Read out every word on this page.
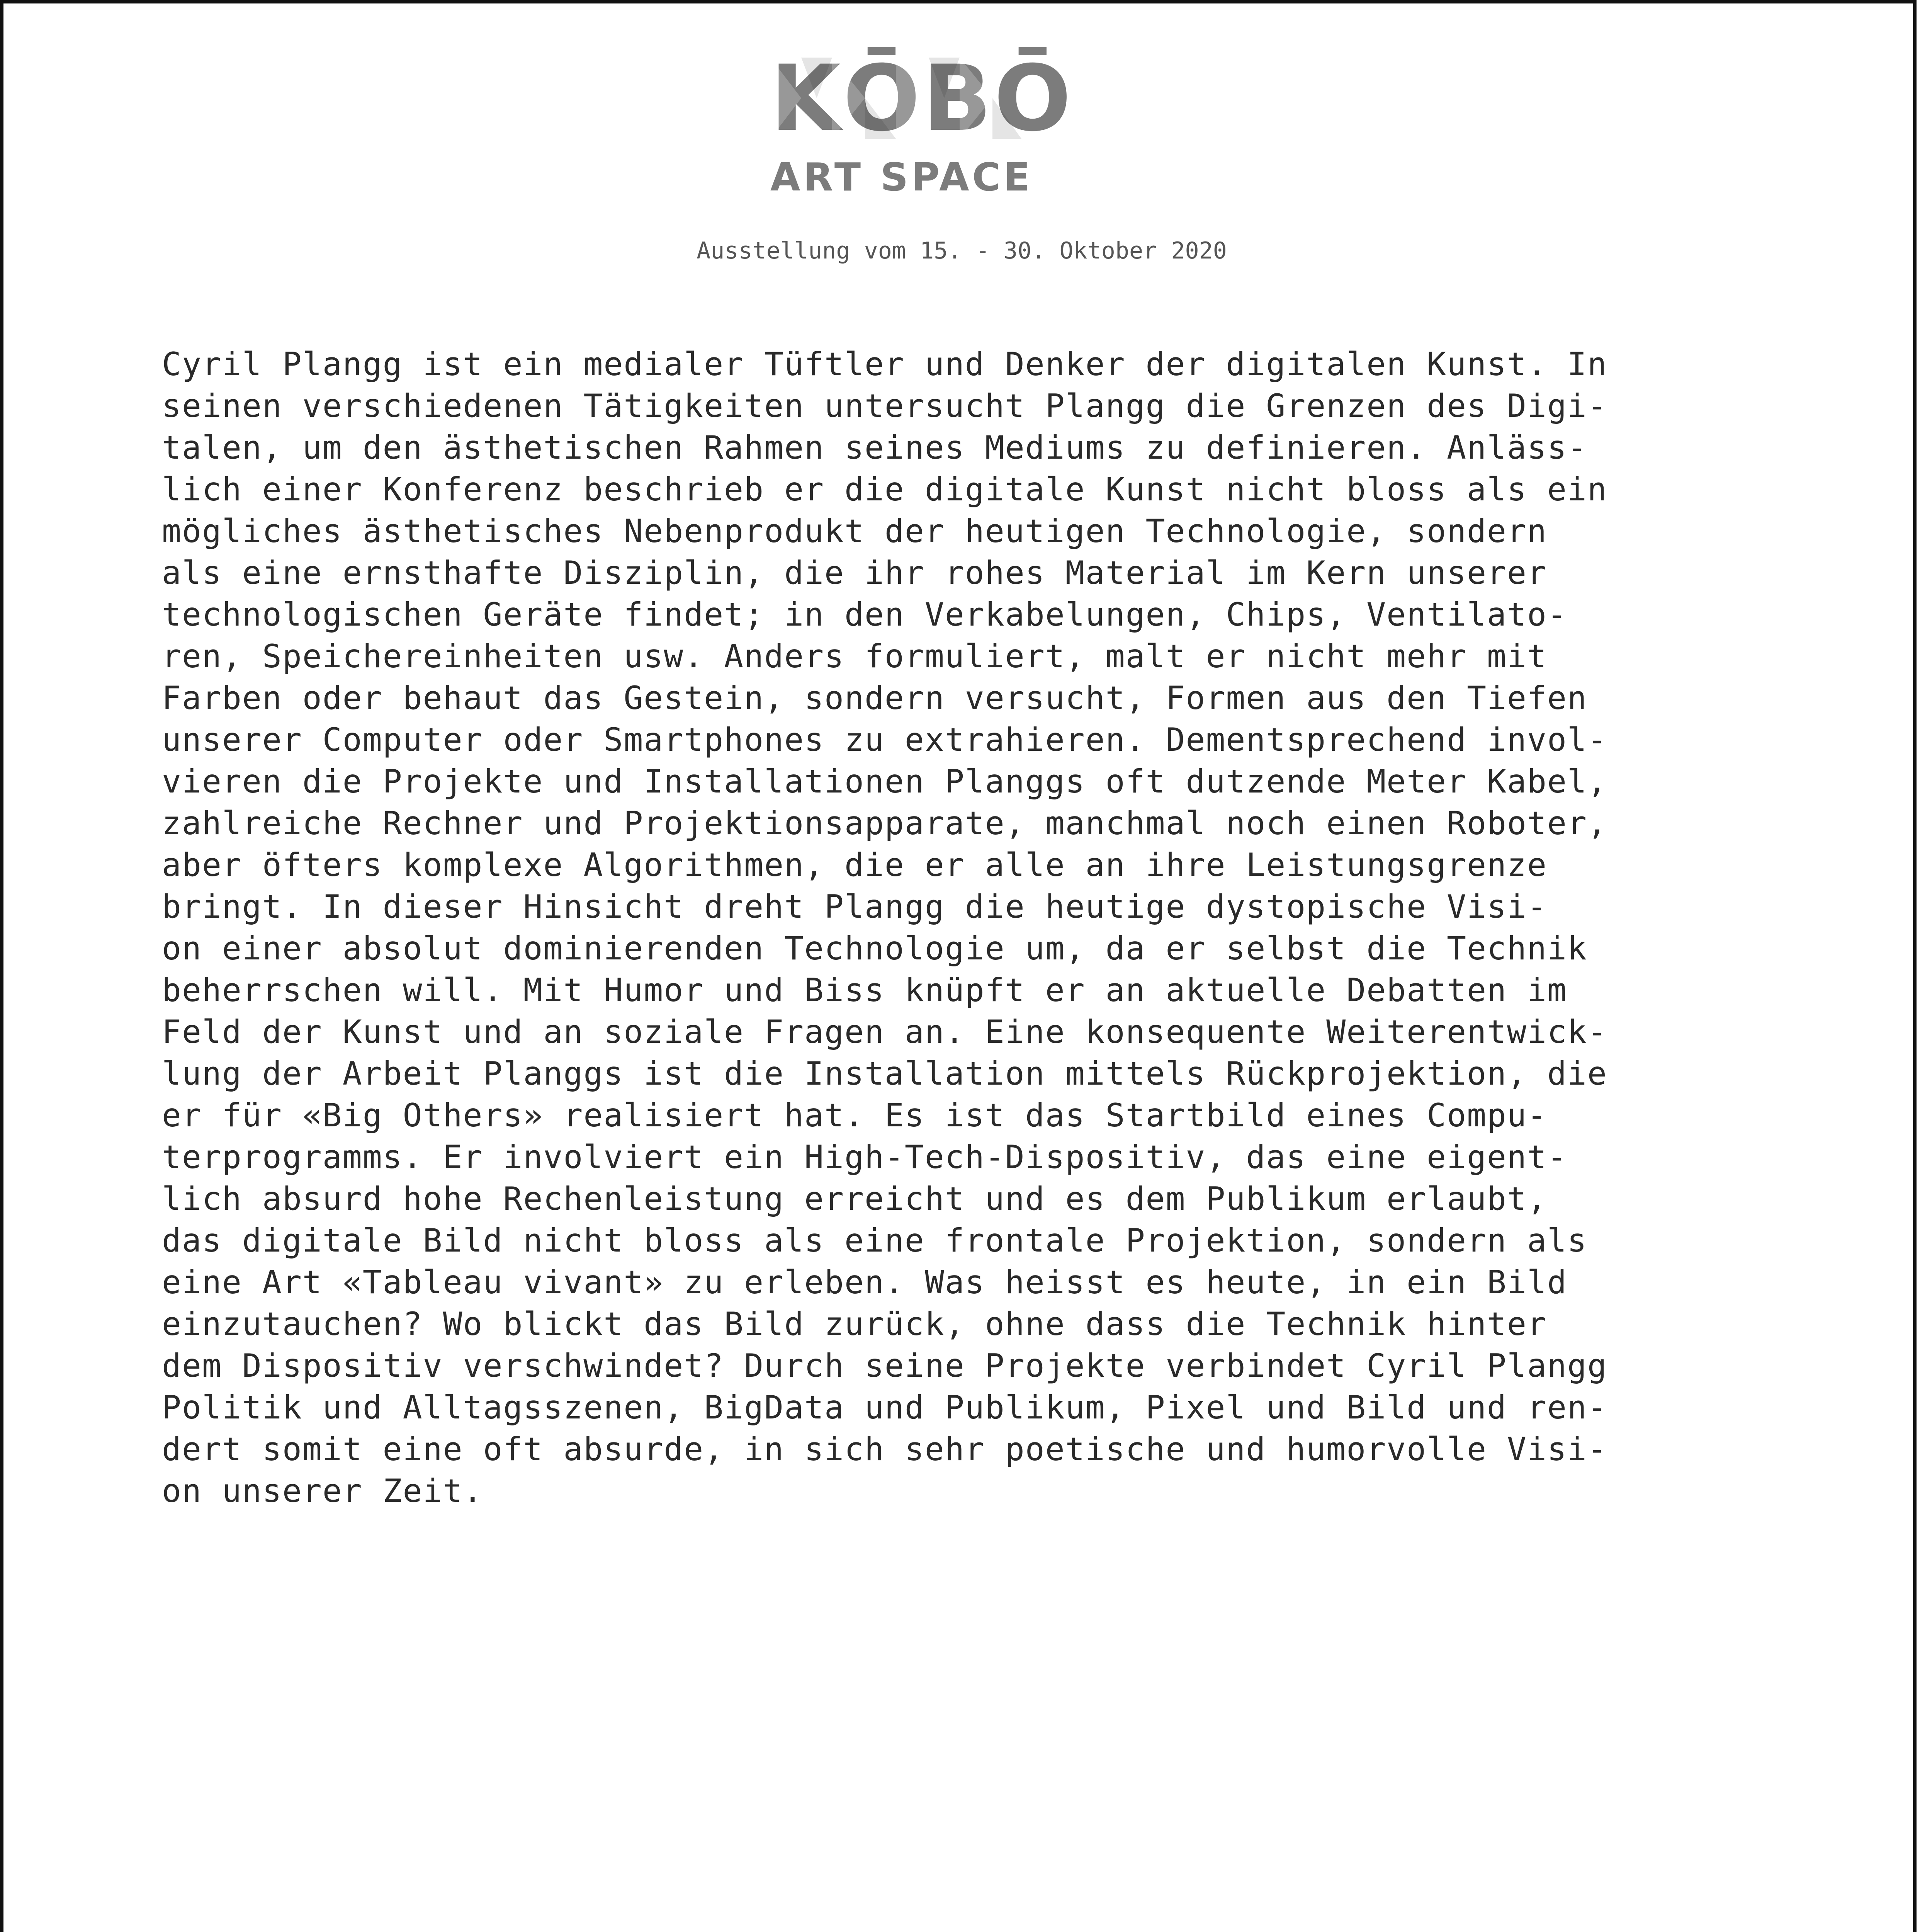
KŌBŌ
ART SPACE
Ausstellung vom 15. - 30. Oktober 2020
Cyril Plangg ist ein medialer Tüftler und Denker der digitalen Kunst. In
seinen verschiedenen Tätigkeiten untersucht Plangg die Grenzen des Digi-
talen, um den ästhetischen Rahmen seines Mediums zu definieren. Anläss-
lich einer Konferenz beschrieb er die digitale Kunst nicht bloss als ein
mögliches ästhetisches Nebenprodukt der heutigen Technologie, sondern
als eine ernsthafte Disziplin, die ihr rohes Material im Kern unserer
technologischen Geräte findet; in den Verkabelungen, Chips, Ventilato-
ren, Speichereinheiten usw. Anders formuliert, malt er nicht mehr mit
Farben oder behaut das Gestein, sondern versucht, Formen aus den Tiefen
unserer Computer oder Smartphones zu extrahieren. Dementsprechend invol-
vieren die Projekte und Installationen Planggs oft dutzende Meter Kabel,
zahlreiche Rechner und Projektionsapparate, manchmal noch einen Roboter,
aber öfters komplexe Algorithmen, die er alle an ihre Leistungsgrenze
bringt. In dieser Hinsicht dreht Plangg die heutige dystopische Visi-
on einer absolut dominierenden Technologie um, da er selbst die Technik
beherrschen will. Mit Humor und Biss knüpft er an aktuelle Debatten im
Feld der Kunst und an soziale Fragen an. Eine konsequente Weiterentwick-
lung der Arbeit Planggs ist die Installation mittels Rückprojektion, die
er für «Big Others» realisiert hat. Es ist das Startbild eines Compu-
terprogramms. Er involviert ein High-Tech-Dispositiv, das eine eigent-
lich absurd hohe Rechenleistung erreicht und es dem Publikum erlaubt,
das digitale Bild nicht bloss als eine frontale Projektion, sondern als
eine Art «Tableau vivant» zu erleben. Was heisst es heute, in ein Bild
einzutauchen? Wo blickt das Bild zurück, ohne dass die Technik hinter
dem Dispositiv verschwindet? Durch seine Projekte verbindet Cyril Plangg
Politik und Alltagsszenen, BigData und Publikum, Pixel und Bild und ren-
dert somit eine oft absurde, in sich sehr poetische und humorvolle Visi-
on unserer Zeit.
